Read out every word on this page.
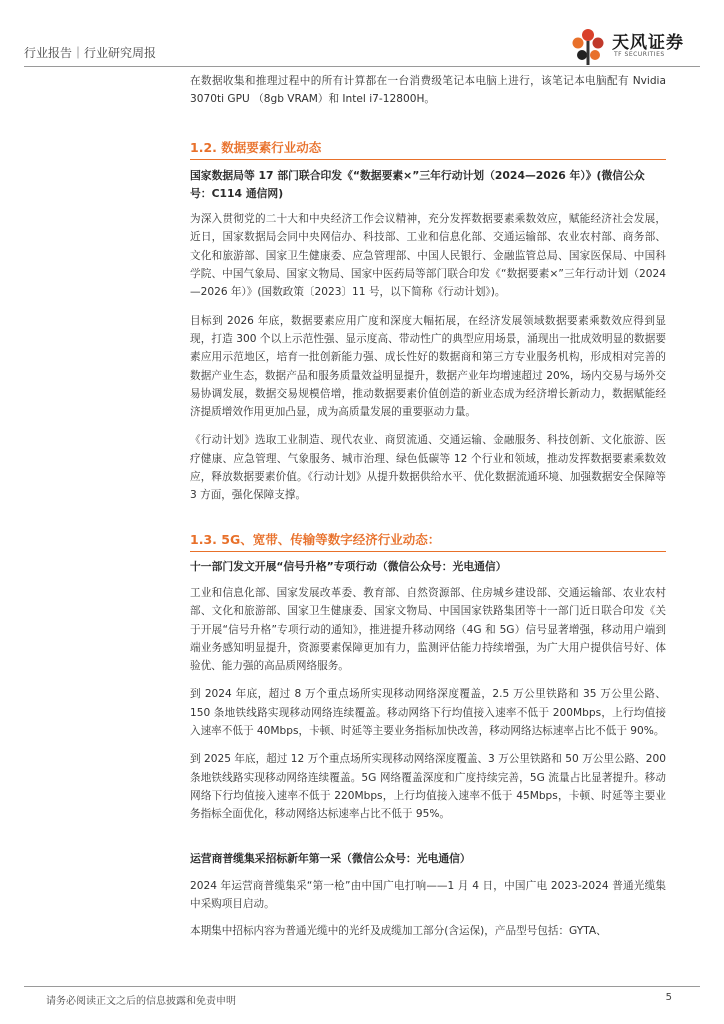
行业报告｜行业研究周报	天风证券
TF SECURITIES

在数据收集和推理过程中的所有计算都在一台消费级笔记本电脑上进行，该笔记本电脑配有 Nvidia 3070ti GPU （8gb VRAM）和 Intel i7-12800H。

1.2. 数据要素行业动态

国家数据局等 17 部门联合印发《“数据要素×”三年行动计划（2024—2026 年）》(微信公众号：C114 通信网)

为深入贯彻党的二十大和中央经济工作会议精神，充分发挥数据要素乘数效应，赋能经济社会发展，近日，国家数据局会同中央网信办、科技部、工业和信息化部、交通运输部、农业农村部、商务部、文化和旅游部、国家卫生健康委、应急管理部、中国人民银行、金融监管总局、国家医保局、中国科学院、中国气象局、国家文物局、国家中医药局等部门联合印发《“数据要素×”三年行动计划（2024—2026 年）》(国数政策〔2023〕11 号，以下简称《行动计划》)。

目标到 2026 年底，数据要素应用广度和深度大幅拓展，在经济发展领域数据要素乘数效应得到显现，打造 300 个以上示范性强、显示度高、带动性广的典型应用场景，涌现出一批成效明显的数据要素应用示范地区，培育一批创新能力强、成长性好的数据商和第三方专业服务机构，形成相对完善的数据产业生态，数据产品和服务质量效益明显提升，数据产业年均增速超过 20%，场内交易与场外交易协调发展，数据交易规模倍增，推动数据要素价值创造的新业态成为经济增长新动力，数据赋能经济提质增效作用更加凸显，成为高质量发展的重要驱动力量。

《行动计划》选取工业制造、现代农业、商贸流通、交通运输、金融服务、科技创新、文化旅游、医疗健康、应急管理、气象服务、城市治理、绿色低碳等 12 个行业和领域，推动发挥数据要素乘数效应，释放数据要素价值。《行动计划》从提升数据供给水平、优化数据流通环境、加强数据安全保障等 3 方面，强化保障支撑。

1.3. 5G、宽带、传输等数字经济行业动态：

十一部门发文开展“信号升格”专项行动（微信公众号：光电通信）

工业和信息化部、国家发展改革委、教育部、自然资源部、住房城乡建设部、交通运输部、农业农村部、文化和旅游部、国家卫生健康委、国家文物局、中国国家铁路集团等十一部门近日联合印发《关于开展“信号升格”专项行动的通知》，推进提升移动网络（4G 和 5G）信号显著增强，移动用户端到端业务感知明显提升，资源要素保障更加有力，监测评估能力持续增强，为广大用户提供信号好、体验优、能力强的高品质网络服务。

到 2024 年底，超过 8 万个重点场所实现移动网络深度覆盖，2.5 万公里铁路和 35 万公里公路、150 条地铁线路实现移动网络连续覆盖。移动网络下行均值接入速率不低于 200Mbps，上行均值接入速率不低于 40Mbps，卡顿、时延等主要业务指标加快改善，移动网络达标速率占比不低于 90%。

到 2025 年底，超过 12 万个重点场所实现移动网络深度覆盖、3 万公里铁路和 50 万公里公路、200 条地铁线路实现移动网络连续覆盖。5G 网络覆盖深度和广度持续完善，5G 流量占比显著提升。移动网络下行均值接入速率不低于 220Mbps，上行均值接入速率不低于 45Mbps，卡顿、时延等主要业务指标全面优化，移动网络达标速率占比不低于 95%。

运营商普缆集采招标新年第一采（微信公众号：光电通信）

2024 年运营商普缆集采“第一枪”由中国广电打响——1 月 4 日，中国广电 2023-2024 普通光缆集中采购项目启动。

本期集中招标内容为普通光缆中的光纤及成缆加工部分(含运保)，产品型号包括：GYTA、

请务必阅读正文之后的信息披露和免责申明	5
